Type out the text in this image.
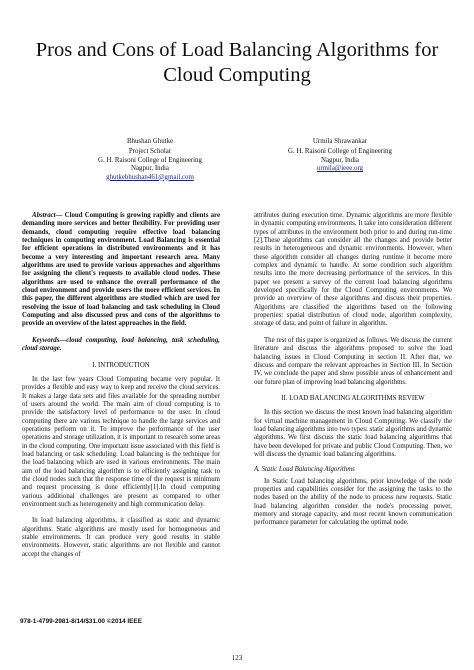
Pros and Cons of Load Balancing Algorithms for
Cloud Computing
Bhushan Ghutke
Project Scholar
G. H. Raisoni College of Engineering
Nagpur, India
ghutkebhushan461@gmail.com
Urmila Shrawankar
G. H. Raisoni College of Engineering
Nagpur, India
urmila@ieee.org

Abstract— Cloud Computing is growing rapidly and clients are demanding more services and better flexibility. For providing user demands, cloud computing require effective load balancing techniques in computing environment. Load Balancing is essential for efficient operations in distributed environments and it has become a very interesting and important research area. Many algorithms are used to provide various approaches and algorithms for assigning the client's requests to available cloud nodes. These algorithms are used to enhance the overall performance of the cloud environment and provide users the more efficient services. In this paper, the different algorithms are studied which are used for resolving the issue of load balancing and task scheduling in Cloud Computing and also discussed pros and cons of the algorithms to provide an overview of the latest approaches in the field.

Keywords—cloud computing, load balancing, task scheduling, cloud storage.

I. INTRODUCTION

In the last few years Cloud Computing became very popular. It provides a flexible and easy way to keep and receive the cloud services. It makes a large data sets and files available for the spreading number of users around the world. The main aim of cloud computing is to provide the satisfactory level of performance to the user. In cloud computing there are various technique to handle the large services and operations perform on it. To improve the performance of the user operations and storage utilization, it is important to research some areas in the cloud computing. One important issue associated with this field is load balancing or task scheduling. Load balancing is the technique for the load balancing which are used in various environments. The main aim of the load balancing algorithm is to efficiently assigning task to the cloud nodes such that the response time of the request is minimum and request processing is done efficiently[1].In cloud computing various additional challenges are present as compared to other environment such as heterogeneity and high communication delay.

In load balancing algorithms, it classified as static and dynamic algorithms. Static algorithms are mostly used for homogeneous and stable environments. It can produce very good results in stable environments. However, static algorithms are not flexible and cannot accept the changes of

attributes during execution time. Dynamic algorithms are more flexible in dynamic computing environments. It take into consideration different types of attributes in the environment both prior to and during run-time [2].These algorithms can consider all the changes and provide better results in heterogeneous and dynamic environments. However, when these algorithm consider all changes during runtime it become more complex and dynamic to handle. At some condition such algorithm results into the more decreasing performance of the services. In this paper we present a survey of the current load balancing algorithms developed specifically for the Cloud Computing environments. We provide an overview of these algorithms and discuss their properties. Algorithms are classified the algorithms based on the following properties: spatial distribution of cloud node, algorithm complexity, storage of data, and point of failure in algorithm.

The rest of this paper is organized as follows. We discuss the current literature and discuss the algorithms proposed to solve the load balancing issues in Cloud Computing in section II. After that, we discuss and compare the relevant approaches in Section III. In Section IV, we conclude the paper and show possible areas of enhancement and our future plan of improving load balancing algorithms.

II. LOAD BALANCING ALGORITHMS REVIEW

In this section we discuss the most known load balancing algorithm for virtual machine management in Cloud Computing. We classify the load balancing algorithms into two types: static algorithms and dynamic algorithms. We first discuss the static load balancing algorithms that have been developed for private and public Cloud Computing. Then, we will discuss the dynamic load balancing algorithms.

A. Static Load Balancing Algorithms

In Static Load balancing algorithms, prior knowledge of the node properties and capabilities consider for the assigning the tasks to the nodes based on the ability of the node to process new requests. Static load balancing algorithm consider the node's processing power, memory and storage capacity, and most recent known communication performance parameter for calculating the optimal node.

978-1-4799-2981-8/14/$31.00 ©2014 IEEE
123
